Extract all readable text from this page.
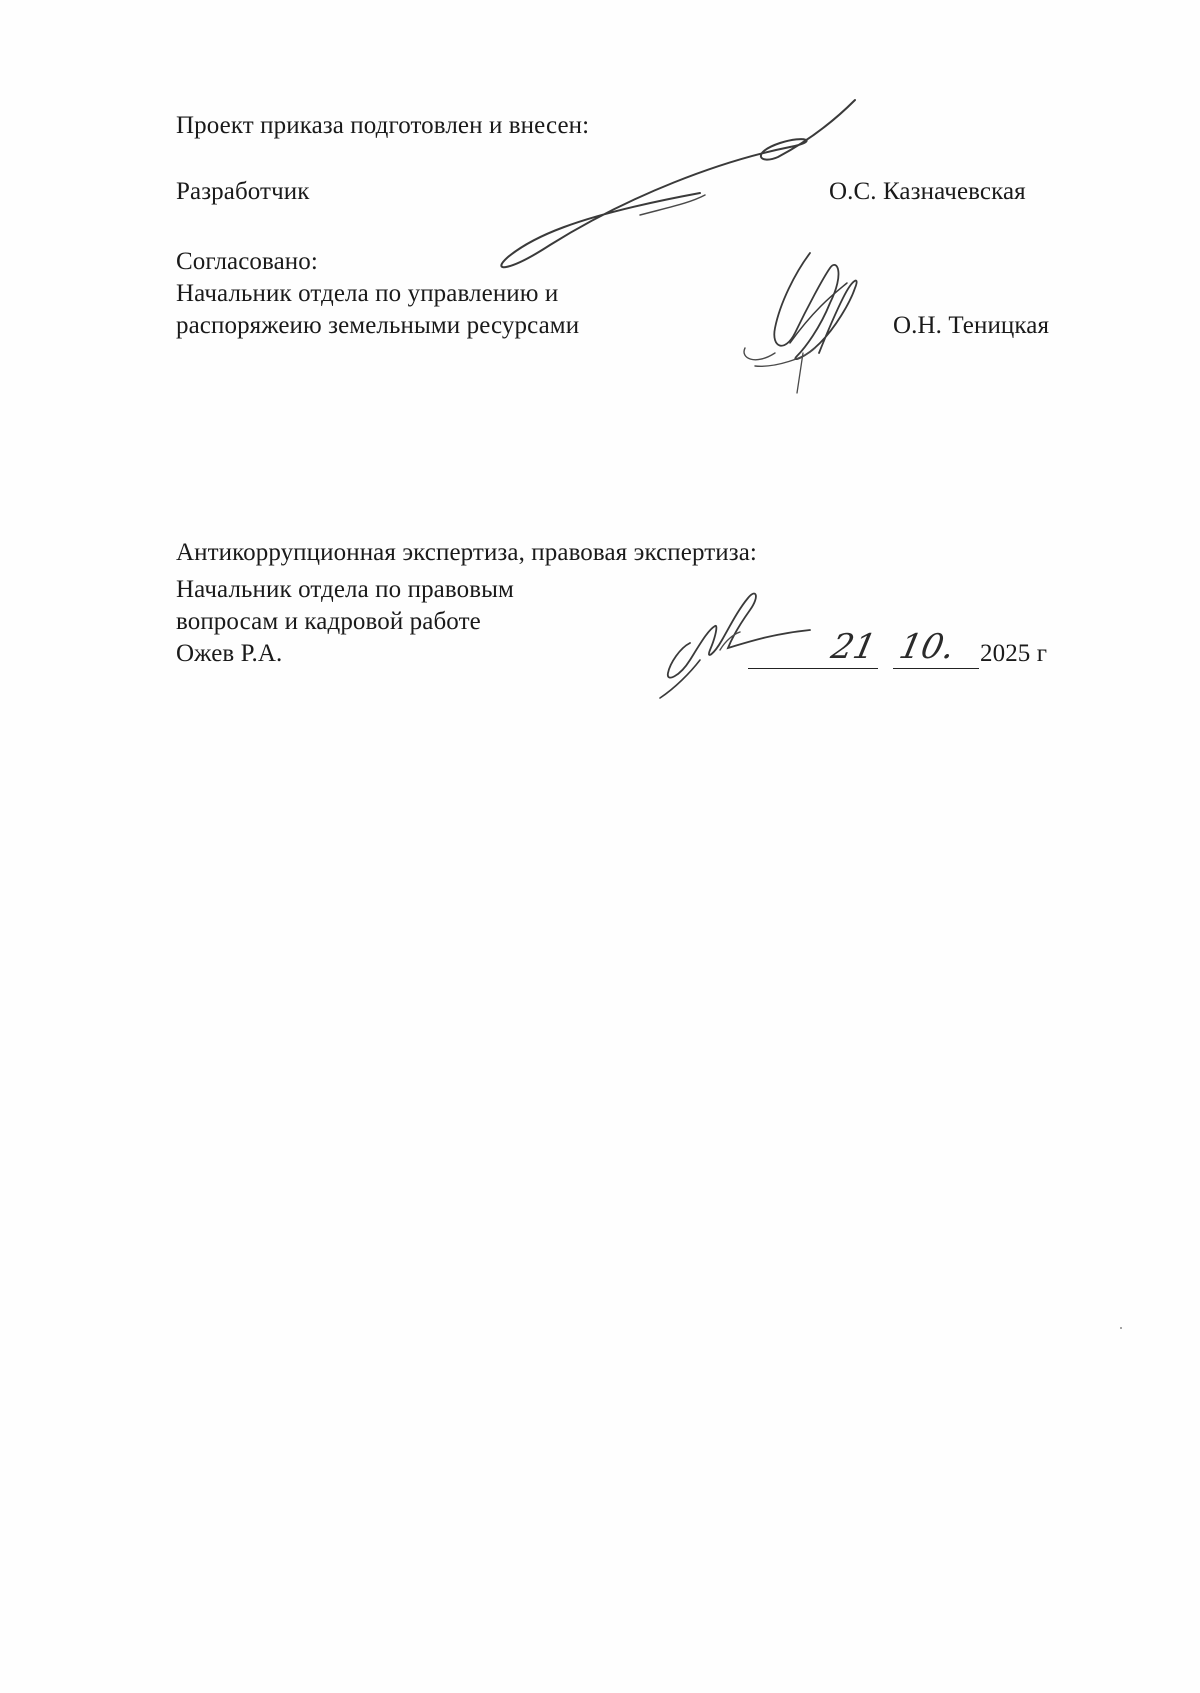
Проект приказа подготовлен и внесен:
Разработчик	О.С. Казначевская
Согласовано:
Начальник отдела по управлению и
распоряжеию земельными ресурсами	О.Н. Теницкая
Антикоррупционная экспертиза, правовая экспертиза:
Начальник отдела по правовым
вопросам и кадровой работе
Ожев Р.А.	21 10. 2025 г
